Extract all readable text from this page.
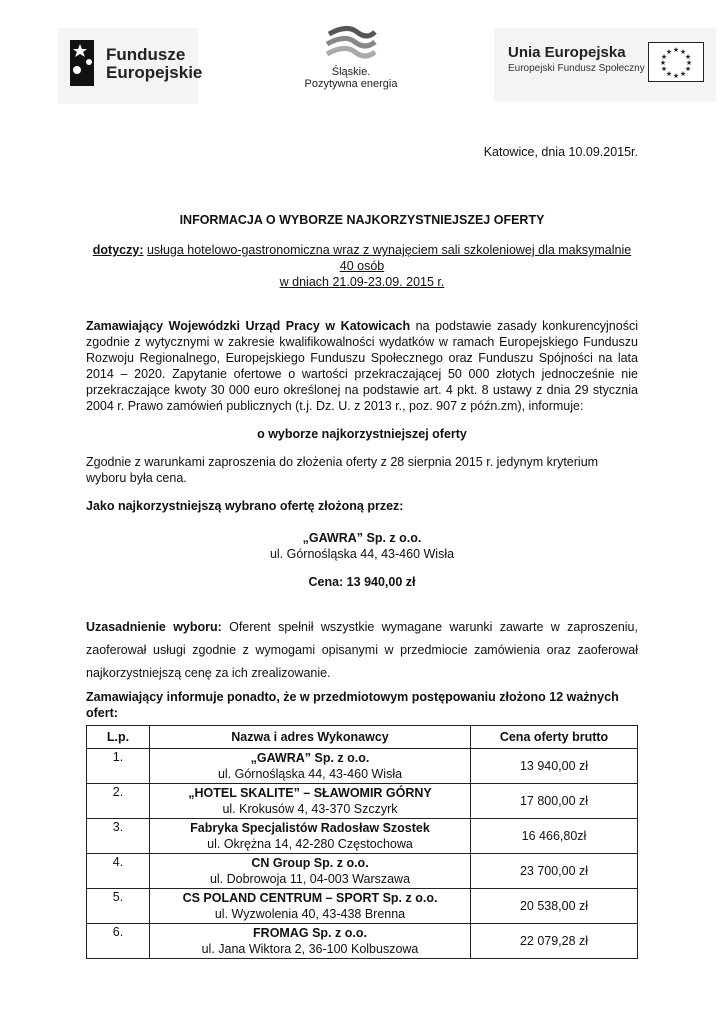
Fundusze
Europejskie	Śląskie.
Pozytywna energia
Unia Europejska
Europejski Fundusz Społeczny
★ ★
★
★
★
★
★
★
★
★
★
★

Katowice, dnia 10.09.2015r.

INFORMACJA O WYBORZE NAJKORZYSTNIEJSZEJ OFERTY

dotyczy: usługa hotelowo-gastronomiczna wraz z wynajęciem sali szkoleniowej dla maksymalnie 40 osób
w dniach 21.09-23.09. 2015 r.

Zamawiający Wojewódzki Urząd Pracy w Katowicach na podstawie zasady konkurencyjności zgodnie z wytycznymi w zakresie kwalifikowalności wydatków w ramach Europejskiego Funduszu Rozwoju Regionalnego, Europejskiego Funduszu Społecznego oraz Funduszu Spójności na lata 2014 – 2020. Zapytanie ofertowe o wartości przekraczającej 50 000 złotych jednocześnie nie przekraczające kwoty 30 000 euro określonej na podstawie art. 4 pkt. 8 ustawy z dnia 29 stycznia 2004 r. Prawo zamówień publicznych (t.j. Dz. U. z 2013 r., poz. 907 z późn.zm), informuje:

o wyborze najkorzystniejszej oferty

Zgodnie z warunkami zaproszenia do złożenia oferty z 28 sierpnia 2015 r. jedynym kryterium wyboru była cena.

Jako najkorzystniejszą wybrano ofertę złożoną przez:

„GAWRA” Sp. z o.o.
ul. Górnośląska 44, 43-460 Wisła
Cena: 13 940,00 zł

Uzasadnienie wyboru: Oferent spełnił wszystkie wymagane warunki zawarte w zaproszeniu, zaoferował usługi zgodnie z wymogami opisanymi w przedmiocie zamówienia oraz zaoferował najkorzystniejszą cenę za ich zrealizowanie.

Zamawiający informuje ponadto, że w przedmiotowym postępowaniu złożono 12 ważnych ofert:

L.p.	Nazwa i adres Wykonawcy	Cena oferty brutto
1.	„GAWRA” Sp. z o.o.
ul. Górnośląska 44, 43-460 Wisła	13 940,00 zł
2.	„HOTEL SKALITE” – SŁAWOMIR GÓRNY
ul. Krokusów 4, 43-370 Szczyrk	17 800,00 zł
3.	Fabryka Specjalistów Radosław Szostek
ul. Okrężna 14, 42-280 Częstochowa	16 466,80zł
4.	CN Group Sp. z o.o.
ul. Dobrowoja 11, 04-003 Warszawa	23 700,00 zł
5.	CS POLAND CENTRUM – SPORT Sp. z o.o.
ul. Wyzwolenia 40, 43-438 Brenna	20 538,00 zł
6.	FROMAG Sp. z o.o.
ul. Jana Wiktora 2, 36-100 Kolbuszowa	22 079,28 zł
